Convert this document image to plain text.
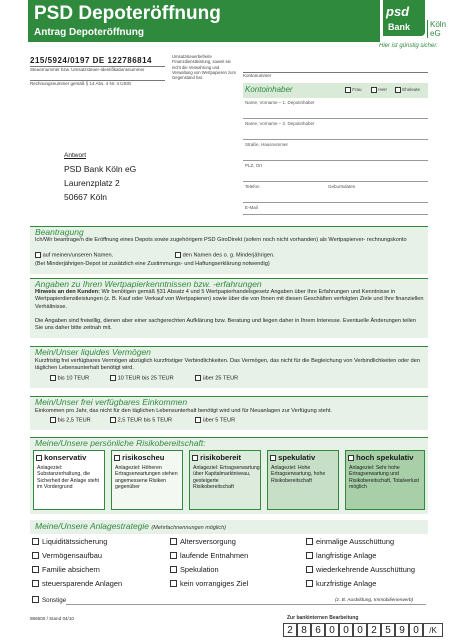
PSD Depoteröffnung
Antrag Depoteröffnung
psd
Bank	Köln eG
Hier ist günstig sicher.
215/5924/0197 DE 122786814
Steuernummer bzw. Umsatzsteuer-Identifikationsnummer
Rechnungsnummer gemäß § 14 Abs. 4 Nr. 4 UStG
Umsatzsteuerbefreite Finanzdienstleistung, soweit sie nicht die Verwahrung und Verwaltung von Wertpapieren zum Gegenstand hat.	Kontonummer
Kontoinhaber	Frau	Herr	Eheleute
Name, Vorname – 1. Depotinhaber
Name, Vorname – 2. Depotinhaber
Straße, Hausnummer
PLZ, Ort
Telefon	Geburtsdaten
E-Mail
Antwort
PSD Bank Köln eG
Laurenzplatz 2
50667 Köln
Beantragung
Ich/Wir beantrage/n die Eröffnung eines Depots sowie zugehörigem PSD GiroDirekt (sofern noch nicht vorhanden) als Wertpapierver- rechnungskonto
auf meinen/unseren Namen.	den Namen des o. g. Minderjährigen.
(Bei Minderjährigen-Depot ist zusätzlich eine Zustimmungs- und Haftungserklärung notwendig)
Angaben zu Ihren Wertpapierkenntnissen bzw. -erfahrungen
Hinweis an den Kunden: Wir benötigen gemäß §31 Absatz 4 und 5 Wertpapierhandelsgesetz Angaben über Ihre Erfahrungen und Kenntnisse in Wertpapierdienstleistungen (z. B. Kauf oder Verkauf von Wertpapieren) sowie über die von Ihnen mit diesen Geschäften verfolgten Ziele und Ihre finanziellen Verhältnisse.
Die Angaben sind freiwillig, dienen aber einer sachgerechten Aufklärung bzw. Beratung und liegen daher in Ihrem Interesse. Eventuelle Änderungen teilen Sie uns daher bitte zeitnah mit.
Mein/Unser liquides Vermögen
Kurzfristig frei verfügbares Vermögen abzüglich kurzfristiger Verbindlichkeiten. Das Vermögen, das nicht für die Begleichung von Verbindlichkeiten oder den täglichen Lebensunterhalt benötigt wird.
bis 10 TEUR	10 TEUR bis 25 TEUR	über 25 TEUR
Mein/Unser frei verfügbares Einkommen
Einkommen pro Jahr, das nicht für den täglichen Lebensunterhalt benötigt wird und für Neuanlagen zur Verfügung steht.
bis 2,5 TEUR	2,5 TEUR bis 5 TEUR	über 5 TEUR
Meine/Unsere persönliche Risikobereitschaft:
konservativ
Anlageziel: Substanzerhaltung, die Sicherheit der Anlage steht im Vordergrund
risikoscheu
Anlageziel: Höheren Ertragserwartungen stehen angemessene Risiken gegenüber
risikobereit
Anlageziel: Ertragserwartung über Kapitalmarktniveau, gesteigerte Risikobereitschaft
spekulativ
Anlageziel: Hohe Ertragserwartung, hohe Risikobereitschaft
hoch spekulativ
Anlageziel: Sehr hohe Ertragserwartung und Risikobereitschaft, Totalverlust möglich
Meine/Unsere Anlagestrategie (Mehrfachnennungen möglich)
Liquiditätssicherung	Altersversorgung	einmalige Ausschüttung
Vermögensaufbau	laufende Entnahmen	langfristige Anlage
Familie absichern	Spekulation	wiederkehrende Ausschüttung
steuersparende Anlagen	kein vorrangiges Ziel	kurzfristige Anlage
Sonstige	(z. B. Ausbildung, Immobilienerwerb)
986600 / Stand 04/10	Zur bankinternen Bearbeitung
2 8 6 0 0 0 2 5 9 0 /K
